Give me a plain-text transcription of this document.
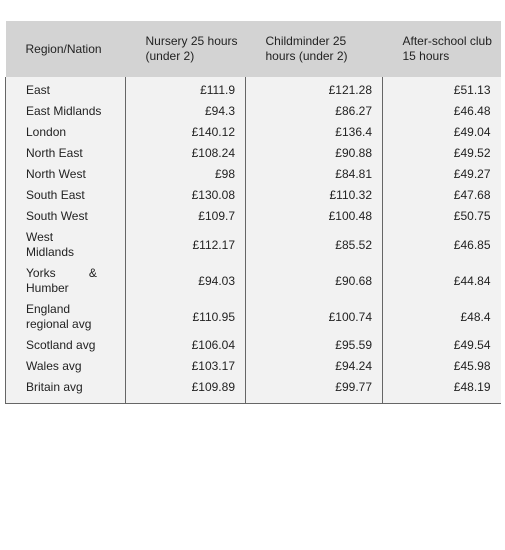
Region/Nation	Nursery 25 hours (under 2)	Childminder 25 hours (under 2)	After-school club 15 hours
East	£111.9	£121.28	£51.13
East Midlands	£94.3	£86.27	£46.48
London	£140.12	£136.4	£49.04
North East	£108.24	£90.88	£49.52
North West	£98	£84.81	£49.27
South East	£130.08	£110.32	£47.68
South West	£109.7	£100.48	£50.75
West Midlands	£112.17	£85.52	£46.85
Yorks & Humber	£94.03	£90.68	£44.84
England regional avg	£110.95	£100.74	£48.4
Scotland avg	£106.04	£95.59	£49.54
Wales avg	£103.17	£94.24	£45.98
Britain avg	£109.89	£99.77	£48.19
